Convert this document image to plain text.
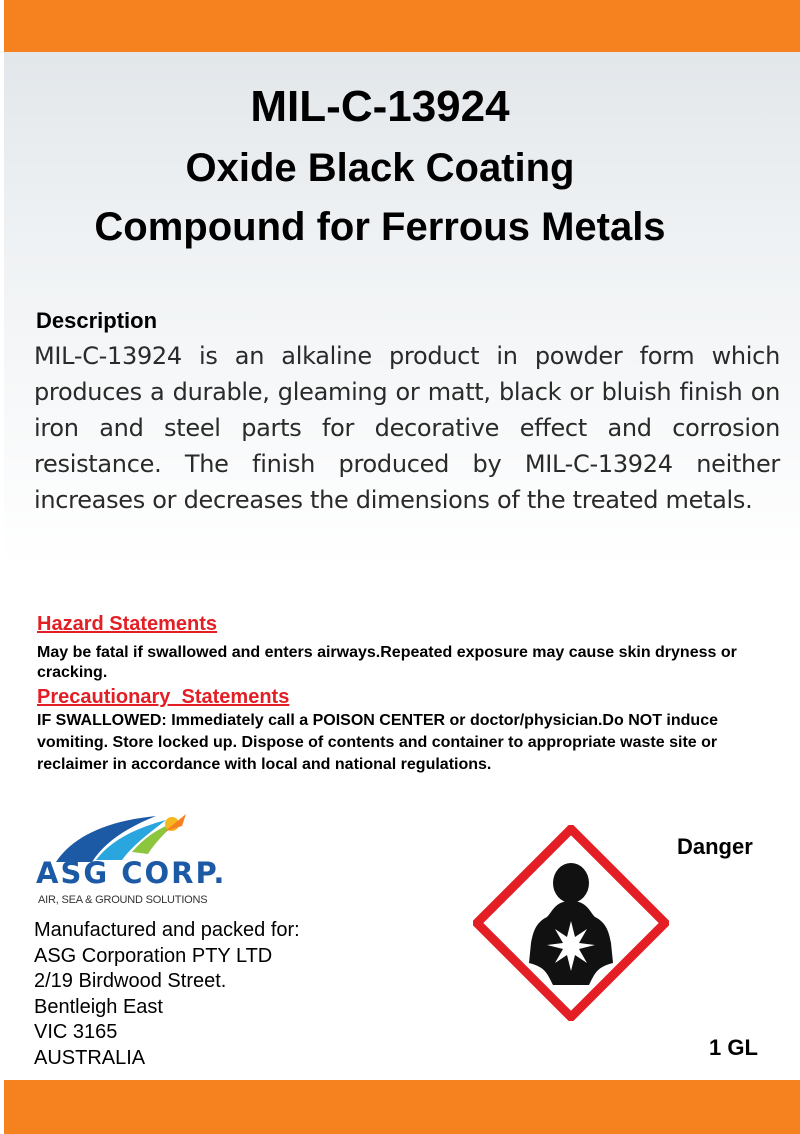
MIL-C-13924
Oxide Black Coating
Compound for Ferrous Metals
Description
MIL-C-13924 is an alkaline product in powder form which produces a durable, gleaming or matt, black or bluish finish on iron and steel parts for decorative effect and corrosion resistance. The finish produced by MIL-C-13924 neither increases or decreases the dimensions of the treated metals.
Hazard Statements
May be fatal if swallowed and enters airways.Repeated exposure may cause skin dryness or cracking.
Precautionary  Statements
IF SWALLOWED: Immediately call a POISON CENTER or doctor/physician.Do NOT induce vomiting. Store locked up. Dispose of contents and container to appropriate waste site or reclaimer in accordance with local and national regulations.
ASG CORP.
AIR, SEA & GROUND SOLUTIONS
Manufactured and packed for:
ASG Corporation PTY LTD
2/19 Birdwood Street.
Bentleigh East
VIC 3165
AUSTRALIA
Danger
1 GL
